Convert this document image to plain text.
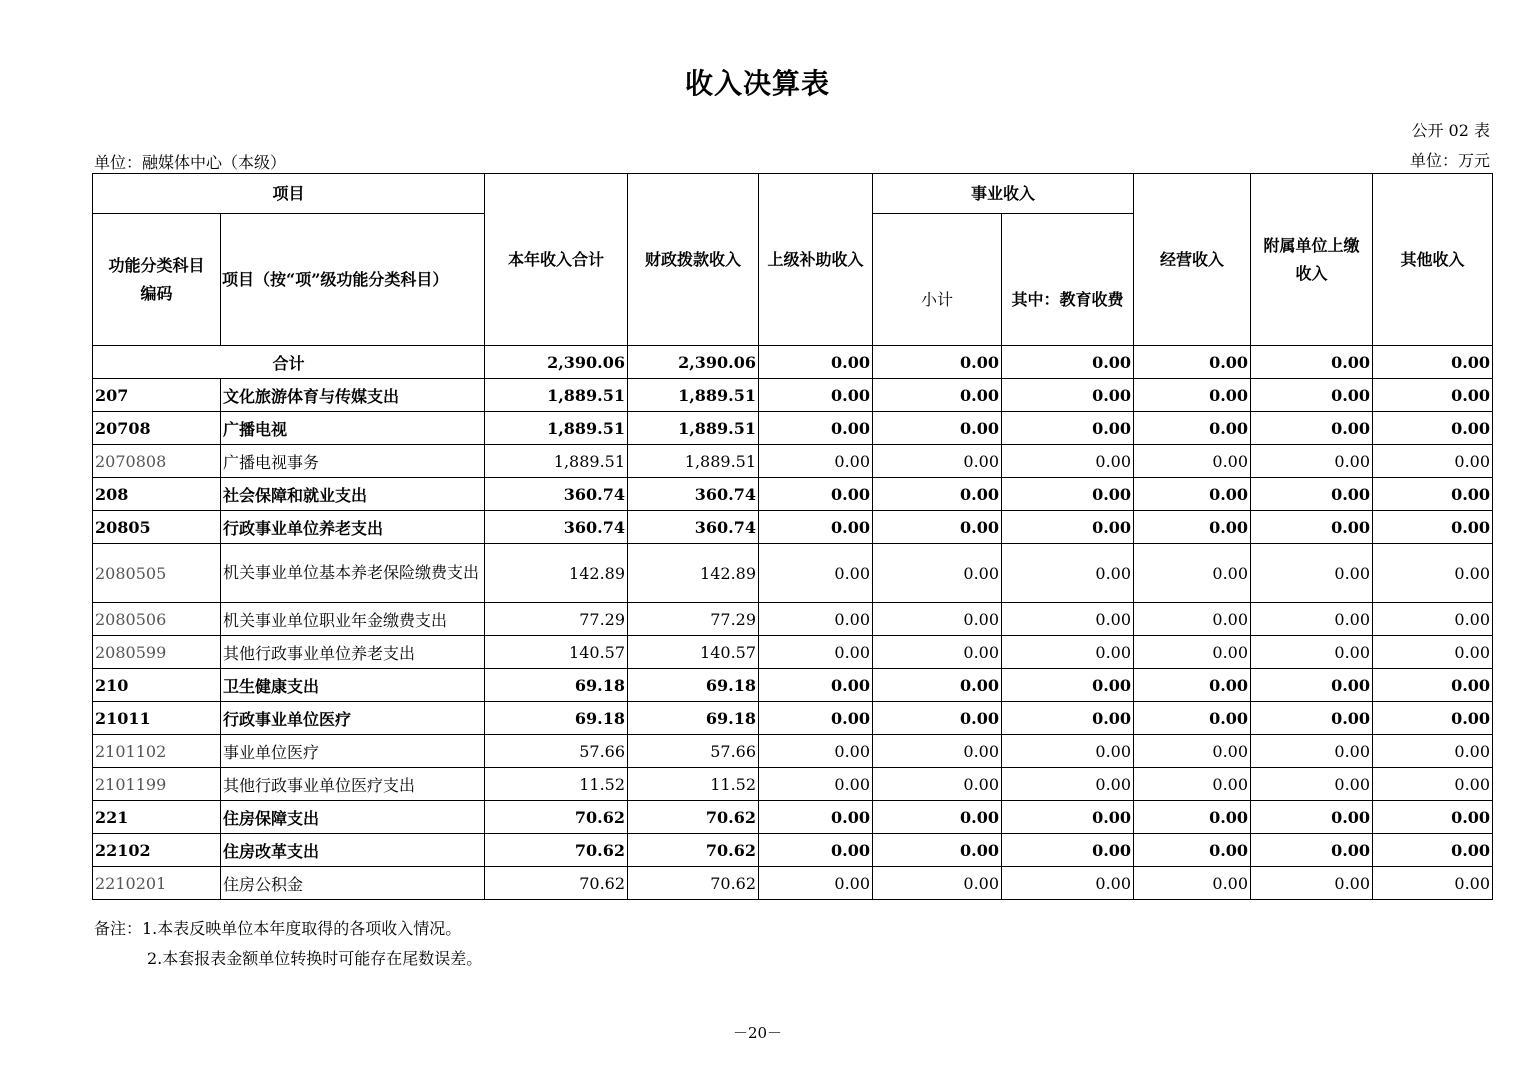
收入决算表
公开 02 表
单位：融媒体中心（本级）	单位：万元
项目		本年收入合计	财政拨款收入	上级补助收入	事业收入		经营收入	附属单位上缴收入	其他收入
功能分类科目编码	项目（按“项”级功能分类科目）				小计	其中：教育收费			
合计		2,390.06	2,390.06	0.00	0.00	0.00	0.00	0.00	0.00
207	文化旅游体育与传媒支出	1,889.51	1,889.51	0.00	0.00	0.00	0.00	0.00	0.00
20708	广播电视	1,889.51	1,889.51	0.00	0.00	0.00	0.00	0.00	0.00
2070808	广播电视事务	1,889.51	1,889.51	0.00	0.00	0.00	0.00	0.00	0.00
208	社会保障和就业支出	360.74	360.74	0.00	0.00	0.00	0.00	0.00	0.00
20805	行政事业单位养老支出	360.74	360.74	0.00	0.00	0.00	0.00	0.00	0.00
2080505	机关事业单位基本养老保险缴费支出	142.89	142.89	0.00	0.00	0.00	0.00	0.00	0.00
2080506	机关事业单位职业年金缴费支出	77.29	77.29	0.00	0.00	0.00	0.00	0.00	0.00
2080599	其他行政事业单位养老支出	140.57	140.57	0.00	0.00	0.00	0.00	0.00	0.00
210	卫生健康支出	69.18	69.18	0.00	0.00	0.00	0.00	0.00	0.00
21011	行政事业单位医疗	69.18	69.18	0.00	0.00	0.00	0.00	0.00	0.00
2101102	事业单位医疗	57.66	57.66	0.00	0.00	0.00	0.00	0.00	0.00
2101199	其他行政事业单位医疗支出	11.52	11.52	0.00	0.00	0.00	0.00	0.00	0.00
221	住房保障支出	70.62	70.62	0.00	0.00	0.00	0.00	0.00	0.00
22102	住房改革支出	70.62	70.62	0.00	0.00	0.00	0.00	0.00	0.00
2210201	住房公积金	70.62	70.62	0.00	0.00	0.00	0.00	0.00	0.00
备注：1.本表反映单位本年度取得的各项收入情况。
2.本套报表金额单位转换时可能存在尾数误差。
－20－
